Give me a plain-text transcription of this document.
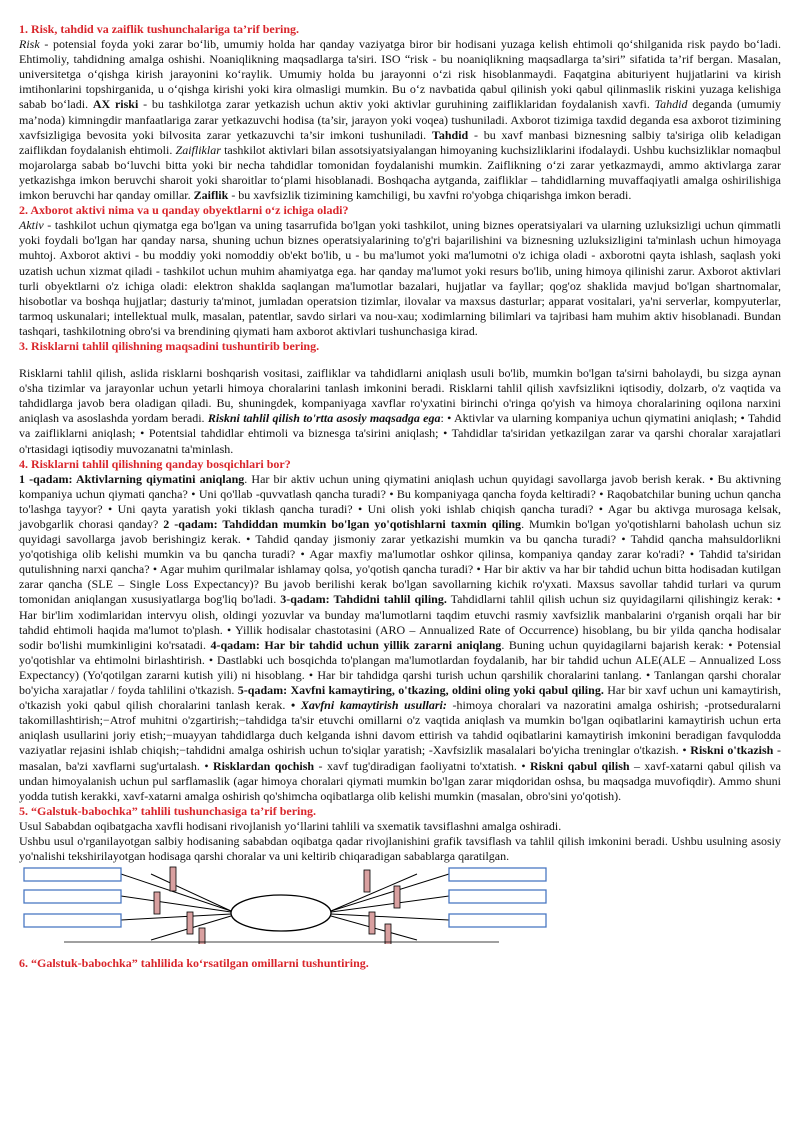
1. Risk, tahdid va zaiflik tushunchalariga ta’rif bering.

Risk - potensial foyda yoki zarar bo‘lib, umumiy holda har qanday vaziyatga biror bir hodisani yuzaga kelish ehtimoli qo‘shilganida risk paydo bo‘ladi. Ehtimoliy, tahdidning amalga oshishi. Noaniqlikning maqsadlarga ta'siri. ISO “risk - bu noaniqlikning maqsadlarga ta’siri” sifatida ta’rif bergan. Masalan, universitetga o‘qishga kirish jarayonini ko‘raylik. Umumiy holda bu jarayonni o‘zi risk hisoblanmaydi. Faqatgina abituriyent hujjatlarini va kirish imtihonlarini topshirganida, u o‘qishga kirishi yoki kira olmasligi mumkin. Bu o‘z navbatida qabul qilinish yoki qabul qilinmaslik riskini yuzaga kelishiga sabab bo‘ladi. AX riski - bu tashkilotga zarar yetkazish uchun aktiv yoki aktivlar guruhining zaifliklaridan foydalanish xavfi. Tahdid deganda (umumiy ma’noda) kimningdir manfaatlariga zarar yetkazuvchi hodisa (ta’sir, jarayon yoki voqea) tushuniladi. Axborot tizimiga taxdid deganda esa axborot tizimining xavfsizligiga bevosita yoki bilvosita zarar yetkazuvchi ta’sir imkoni tushuniladi. Tahdid - bu xavf manbasi biznesning salbiy ta'siriga olib keladigan zaiflikdan foydalanish ehtimoli. Zaifliklar tashkilot aktivlari bilan assotsiyatsiyalangan himoyaning kuchsizliklarini ifodalaydi. Ushbu kuchsizliklar nomaqbul mojarolarga sabab bo‘luvchi bitta yoki bir necha tahdidlar tomonidan foydalanishi mumkin. Zaiflikning o‘zi zarar yetkazmaydi, ammo aktivlarga zarar yetkazishga imkon beruvchi sharoit yoki sharoitlar to‘plami hisoblanadi. Boshqacha aytganda, zaifliklar – tahdidlarning muvaffaqiyatli amalga oshirilishiga imkon beruvchi har qanday omillar. Zaiflik - bu xavfsizlik tizimining kamchiligi, bu xavfni ro'yobga chiqarishga imkon beradi.

2. Axborot aktivi nima va u qanday obyektlarni o‘z ichiga oladi?

Aktiv - tashkilot uchun qiymatga ega bo'lgan va uning tasarrufida bo'lgan yoki tashkilot, uning biznes operatsiyalari va ularning uzluksizligi uchun qimmatli yoki foydali bo'lgan har qanday narsa, shuning uchun biznes operatsiyalarining to'g'ri bajarilishini va biznesning uzluksizligini ta'minlash uchun himoyaga muhtoj. Axborot aktivi - bu moddiy yoki nomoddiy ob'ekt bo'lib, u - bu ma'lumot yoki ma'lumotni o'z ichiga oladi - axborotni qayta ishlash, saqlash yoki uzatish uchun xizmat qiladi - tashkilot uchun muhim ahamiyatga ega. har qanday ma'lumot yoki resurs bo'lib, uning himoya qilinishi zarur. Axborot aktivlari turli obyektlarni o'z ichiga oladi: elektron shaklda saqlangan ma'lumotlar bazalari, hujjatlar va fayllar; qog'oz shaklida mavjud bo'lgan shartnomalar, hisobotlar va boshqa hujjatlar; dasturiy ta'minot, jumladan operatsion tizimlar, ilovalar va maxsus dasturlar; apparat vositalari, ya'ni serverlar, kompyuterlar, tarmoq uskunalari; intellektual mulk, masalan, patentlar, savdo sirlari va nou-xau; xodimlarning bilimlari va tajribasi ham muhim aktiv hisoblanadi. Bundan tashqari, tashkilotning obro'si va brendining qiymati ham axborot aktivlari tushunchasiga kirad.

3. Risklarni tahlil qilishning maqsadini tushuntirib bering.

Risklarni tahlil qilish, aslida risklarni boshqarish vositasi, zaifliklar va tahdidlarni aniqlash usuli bo'lib, mumkin bo'lgan ta'sirni baholaydi, bu sizga aynan o'sha tizimlar va jarayonlar uchun yetarli himoya choralarini tanlash imkonini beradi. Risklarni tahlil qilish xavfsizlikni iqtisodiy, dolzarb, o'z vaqtida va tahdidlarga javob bera oladigan qiladi. Bu, shuningdek, kompaniyaga xavflar ro'yxatini birinchi o'ringa qo'yish va himoya choralarining oqilona narxini aniqlash va asoslashda yordam beradi. Riskni tahlil qilish to'rtta asosiy maqsadga ega: • Aktivlar va ularning kompaniya uchun qiymatini aniqlash; • Tahdid va zaifliklarni aniqlash; • Potentsial tahdidlar ehtimoli va biznesga ta'sirini aniqlash; • Tahdidlar ta'siridan yetkazilgan zarar va qarshi choralar xarajatlari o'rtasidagi iqtisodiy muvozanatni ta'minlash.

4. Risklarni tahlil qilishning qanday bosqichlari bor?

1 -qadam: Aktivlarning qiymatini aniqlang. Har bir aktiv uchun uning qiymatini aniqlash uchun quyidagi savollarga javob berish kerak. • Bu aktivning kompaniya uchun qiymati qancha? • Uni qo'llab -quvvatlash qancha turadi? • Bu kompaniyaga qancha foyda keltiradi? • Raqobatchilar buning uchun qancha to'lashga tayyor? • Uni qayta yaratish yoki tiklash qancha turadi? • Uni olish yoki ishlab chiqish qancha turadi? • Agar bu aktivga murosaga kelsak, javobgarlik chorasi qanday? 2 -qadam: Tahdiddan mumkin bo'lgan yo'qotishlarni taxmin qiling. Mumkin bo'lgan yo'qotishlarni baholash uchun siz quyidagi savollarga javob berishingiz kerak. • Tahdid qanday jismoniy zarar yetkazishi mumkin va bu qancha turadi? • Tahdid qancha mahsuldorlikni yo'qotishiga olib kelishi mumkin va bu qancha turadi? • Agar maxfiy ma'lumotlar oshkor qilinsa, kompaniya qanday zarar ko'radi? • Tahdid ta'siridan qutulishning narxi qancha? • Agar muhim qurilmalar ishlamay qolsa, yo'qotish qancha turadi? • Har bir aktiv va har bir tahdid uchun bitta hodisadan kutilgan zarar qancha (SLE – Single Loss Expectancy)? Bu javob berilishi kerak bo'lgan savollarning kichik ro'yxati. Maxsus savollar tahdid turlari va qurum tomonidan aniqlangan xususiyatlarga bog'liq bo'ladi. 3-qadam: Tahdidni tahlil qiling. Tahdidlarni tahlil qilish uchun siz quyidagilarni qilishingiz kerak: • Har bir'lim xodimlaridan intervyu olish, oldingi yozuvlar va bunday ma'lumotlarni taqdim etuvchi rasmiy xavfsizlik manbalarini o'rganish orqali har bir tahdid ehtimoli haqida ma'lumot to'plash. • Yillik hodisalar chastotasini (ARO – Annualized Rate of Occurrence) hisoblang, bu bir yilda qancha hodisalar sodir bo'lishi mumkinligini ko'rsatadi. 4-qadam: Har bir tahdid uchun yillik zararni aniqlang. Buning uchun quyidagilarni bajarish kerak: • Potensial yo'qotishlar va ehtimolni birlashtirish. • Dastlabki uch bosqichda to'plangan ma'lumotlardan foydalanib, har bir tahdid uchun ALE(ALE – Annualized Loss Expectancy) (Yo'qotilgan zararni kutish yili) ni hisoblang. • Har bir tahdidga qarshi turish uchun qarshilik choralarini tanlang. • Tanlangan qarshi choralar bo'yicha xarajatlar / foyda tahlilini o'tkazish. 5-qadam: Xavfni kamaytiring, o'tkazing, oldini oling yoki qabul qiling. Har bir xavf uchun uni kamaytirish, o'tkazish yoki qabul qilish choralarini tanlash kerak. • Xavfni kamaytirish usullari: -himoya choralari va nazoratini amalga oshirish; -protseduralarni takomillashtirish;−Atrof muhitni o'zgartirish;−tahdidga ta'sir etuvchi omillarni o'z vaqtida aniqlash va mumkin bo'lgan oqibatlarini kamaytirish uchun erta aniqlash usullarini joriy etish;−muayyan tahdidlarga duch kelganda ishni davom ettirish va tahdid oqibatlarini kamaytirish imkonini beradigan favqulodda vaziyatlar rejasini ishlab chiqish;−tahdidni amalga oshirish uchun to'siqlar yaratish; -Xavfsizlik masalalari bo'yicha treninglar o'tkazish. • Riskni o'tkazish - masalan, ba'zi xavflarni sug'urtalash. • Risklardan qochish - xavf tug'diradigan faoliyatni to'xtatish. • Riskni qabul qilish – xavf-xatarni qabul qilish va undan himoyalanish uchun pul sarflamaslik (agar himoya choralari qiymati mumkin bo'lgan zarar miqdoridan oshsa, bu maqsadga muvofiqdir). Ammo shuni yodda tutish kerakki, xavf-xatarni amalga oshirish qo'shimcha oqibatlarga olib kelishi mumkin (masalan, obro'sini yo'qotish).

5. “Galstuk-babochka” tahlili tushunchasiga ta’rif bering.

Usul Sababdan oqibatgacha xavfli hodisani rivojlanish yo‘llarini tahlili va sxematik tavsiflashni amalga oshiradi.

Ushbu usul o'rganilayotgan salbiy hodisaning sababdan oqibatga qadar rivojlanishini grafik tavsiflash va tahlil qilish imkonini beradi. Ushbu usulning asosiy yo'nalishi tekshirilayotgan hodisaga qarshi choralar va uni keltirib chiqaradigan sabablarga qaratilgan.

6. “Galstuk-babochka” tahlilida ko‘rsatilgan omillarni tushuntiring.
